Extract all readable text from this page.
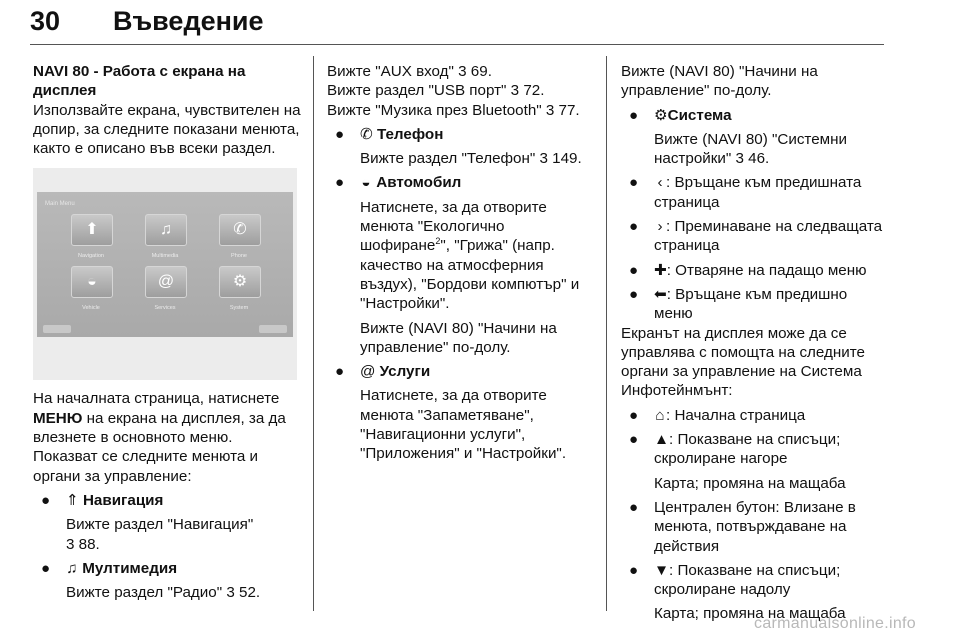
30 Въведение

NAVI 80 - Работа с екрана на дисплея

Използвайте екрана, чувствителен на допир, за следните показани менюта, както е описано във всеки раздел.

Main Menu
⬆
Navigation
♫
Multimedia
✆
Phone
◒
Vehicle
@
Services
⚙
System

На началната страница, натиснете МЕНЮ на екрана на дисплея, за да влезнете в основното меню. Показват се следните менюта и органи за управление:

● ⇑ Навигация

Вижте раздел "Навигация"

3 88.

● ♫ Мултимедия

Вижте раздел "Радио" 3 52.

Вижте "AUX вход" 3 69.

Вижте раздел "USB порт" 3 72.

Вижте "Музика през Bluetooth" 3 77.

● ✆ Телефон

Вижте раздел "Телефон" 3 149.

● ◒ Автомобил

Натиснете, за да отворите менюта "Екологично шофиране$^2$", "Грижа" (напр. качество на атмосферния въздух), "Бордови компютър" и "Настройки".

Вижте (NAVI 80) "Начини на управление" по-долу.

● @ Услуги

Натиснете, за да отворите менюта "Запаметяване", "Навигационни услуги", "Приложения" и "Настройки".

Вижте (NAVI 80) "Начини на управление" по-долу.

● ⚙Система

Вижте (NAVI 80) "Системни настройки" 3 46.

● ‹ : Връщане към предишната страница

● › : Преминаване на следващата страница

● ✚: Отваряне на падащо меню

● ⬅: Връщане към предишно меню

Екранът на дисплея може да се управлява с помощта на следните органи за управление на Система Инфотейнмънт:

● ⌂: Начална страница

● ▲: Показване на списъци; скролиране нагоре

Карта; промяна на мащаба

● Централен бутон: Влизане в менюта, потвърждаване на действия

● ▼: Показване на списъци; скролиране надолу

Карта; промяна на мащаба

carmanualsonline.info
